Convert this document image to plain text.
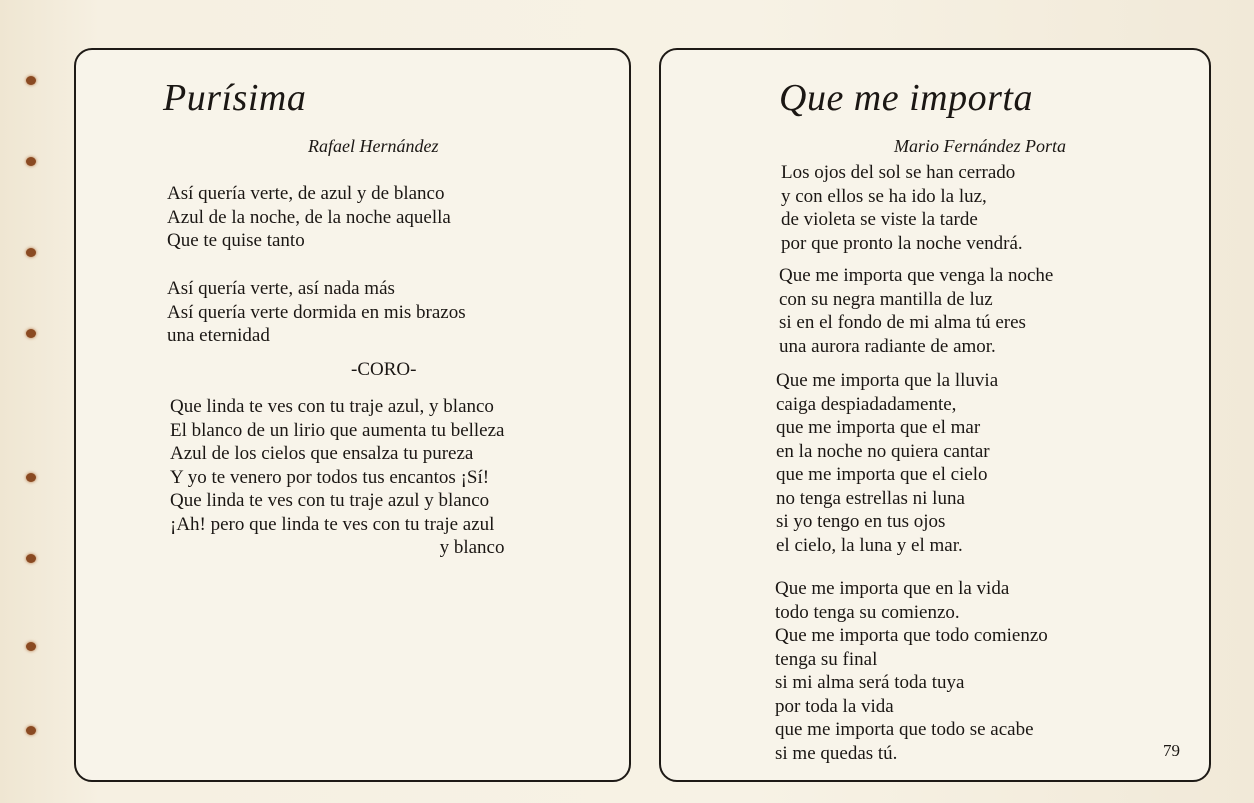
Purísima
Rafael Hernández
Así quería verte, de azul y de blanco
Azul de la noche, de la noche aquella
Que te quise tanto
Así quería verte, así nada más
Así quería verte dormida en mis brazos
una eternidad
-CORO-
Que linda te ves con tu traje azul, y blanco
El blanco de un lirio que aumenta tu belleza
Azul de los cielos que ensalza tu pureza
Y yo te venero por todos tus encantos ¡Sí!
Que linda te ves con tu traje azul y blanco
¡Ah! pero que linda te ves con tu traje azul
y blanco
Que me importa
Mario Fernández Porta
Los ojos del sol se han cerrado
y con ellos se ha ido la luz,
de violeta se viste la tarde
por que pronto la noche vendrá.
Que me importa que venga la noche
con su negra mantilla de luz
si en el fondo de mi alma tú eres
una aurora radiante de amor.
Que me importa que la lluvia
caiga despiadadamente,
que me importa que el mar
en la noche no quiera cantar
que me importa que el cielo
no tenga estrellas ni luna
si yo tengo en tus ojos
el cielo, la luna y el mar.
Que me importa que en la vida
todo tenga su comienzo.
Que me importa que todo comienzo
tenga su final
si mi alma será toda tuya
por toda la vida
que me importa que todo se acabe
si me quedas tú.	79
